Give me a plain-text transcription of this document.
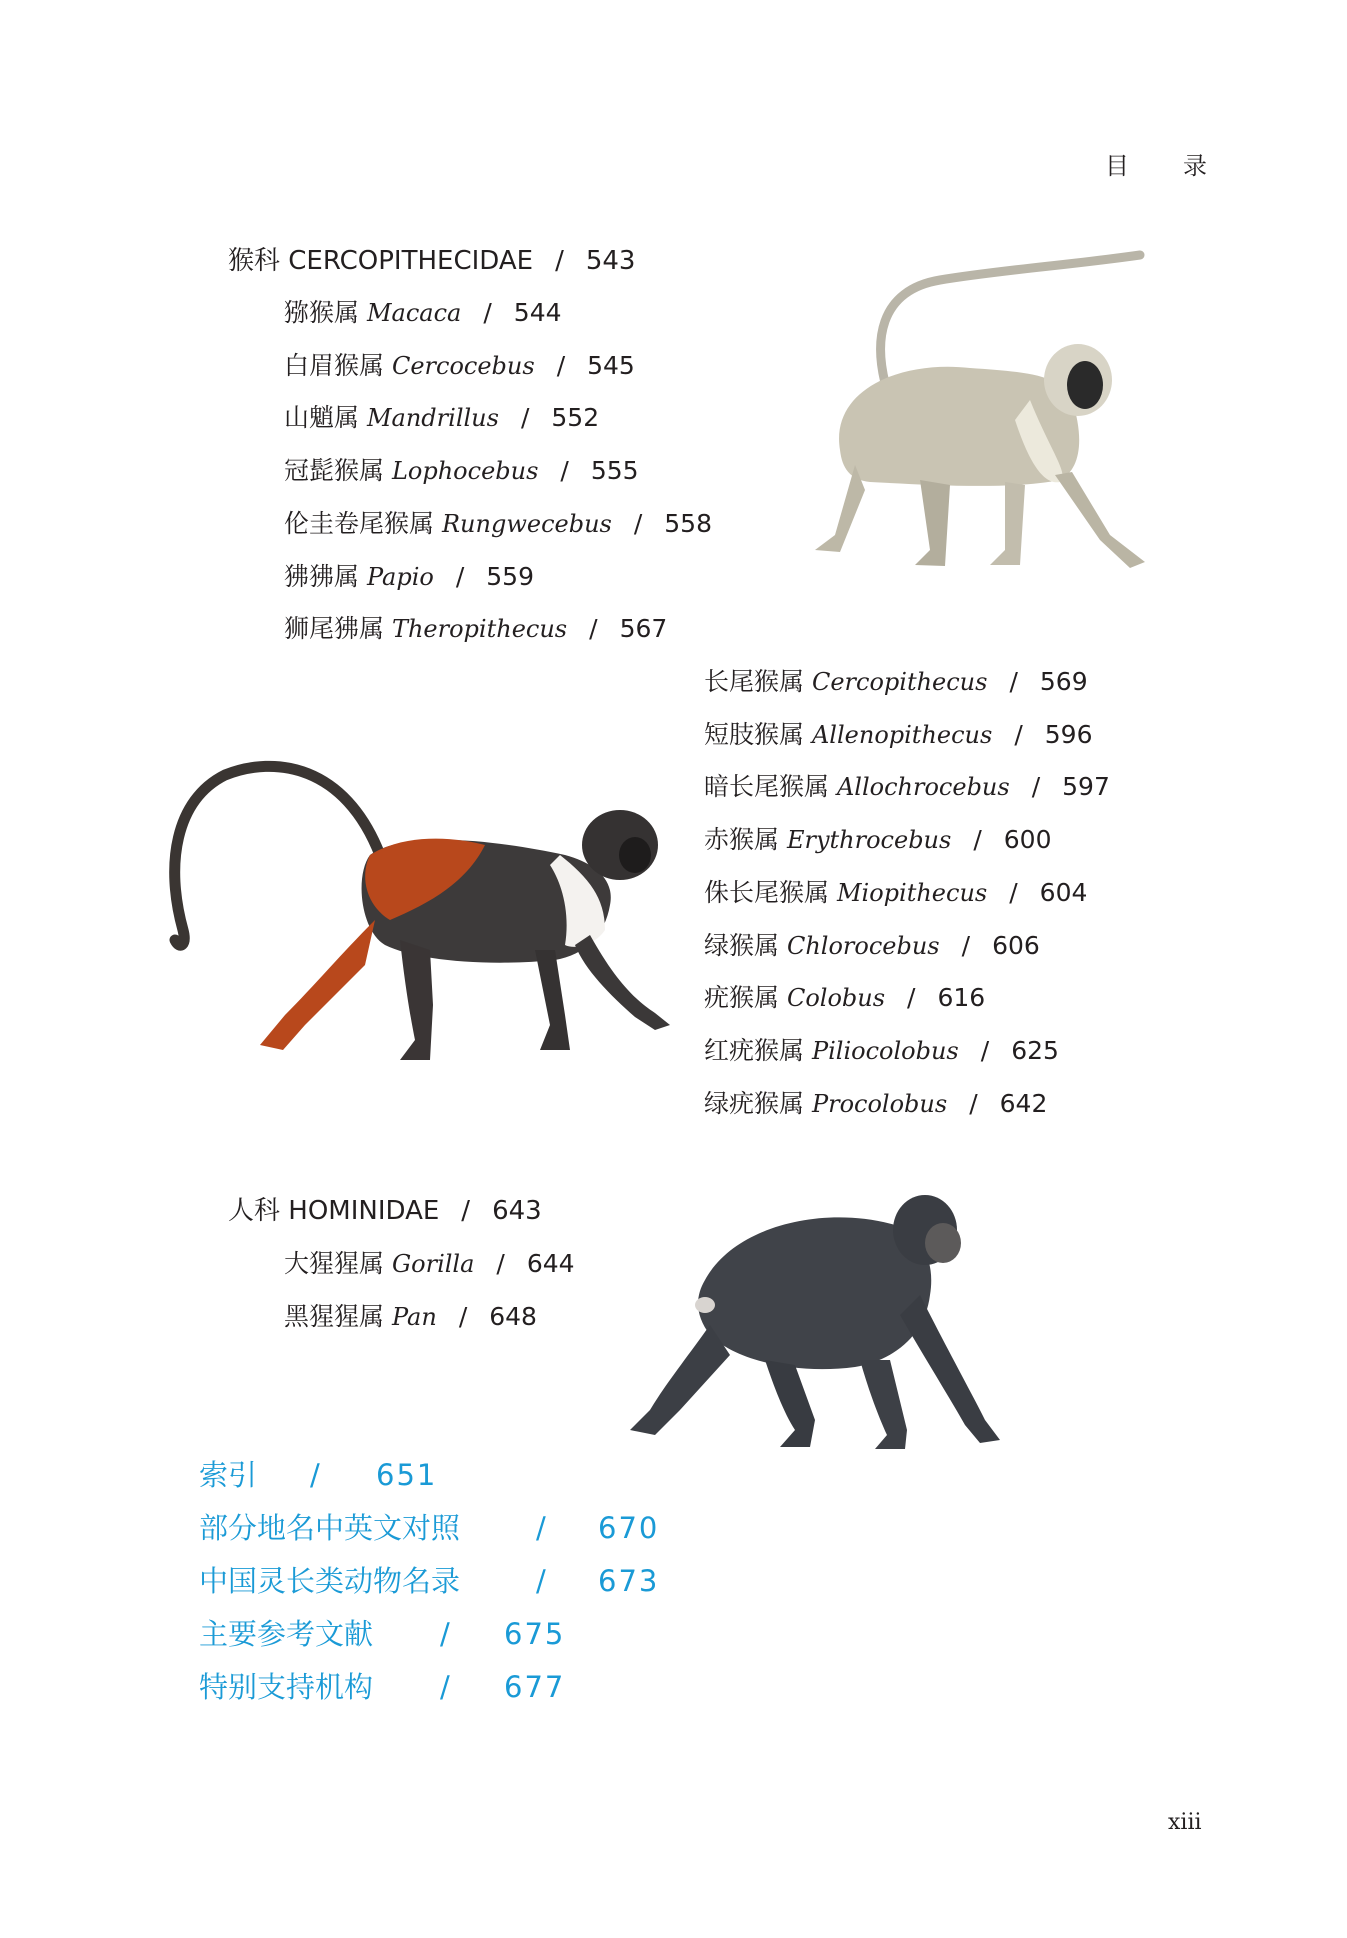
目 录
猴科 CERCOPITHECIDAE / 543
猕猴属 Macaca / 544
白眉猴属 Cercocebus / 545
山魈属 Mandrillus / 552
冠髭猴属 Lophocebus / 555
伦圭卷尾猴属 Rungwecebus / 558
狒狒属 Papio / 559
狮尾狒属 Theropithecus / 567
长尾猴属 Cercopithecus / 569
短肢猴属 Allenopithecus / 596
暗长尾猴属 Allochrocebus / 597
赤猴属 Erythrocebus / 600
侏长尾猴属 Miopithecus / 604
绿猴属 Chlorocebus / 606
疣猴属 Colobus / 616
红疣猴属 Piliocolobus / 625
绿疣猴属 Procolobus / 642
人科 HOMINIDAE / 643
大猩猩属 Gorilla / 644
黑猩猩属 Pan / 648
索引 / 651
部分地名中英文对照	/ 670
中国灵长类动物名录	/ 673
主要参考文献 / 675
特别支持机构 / 677
xiii
